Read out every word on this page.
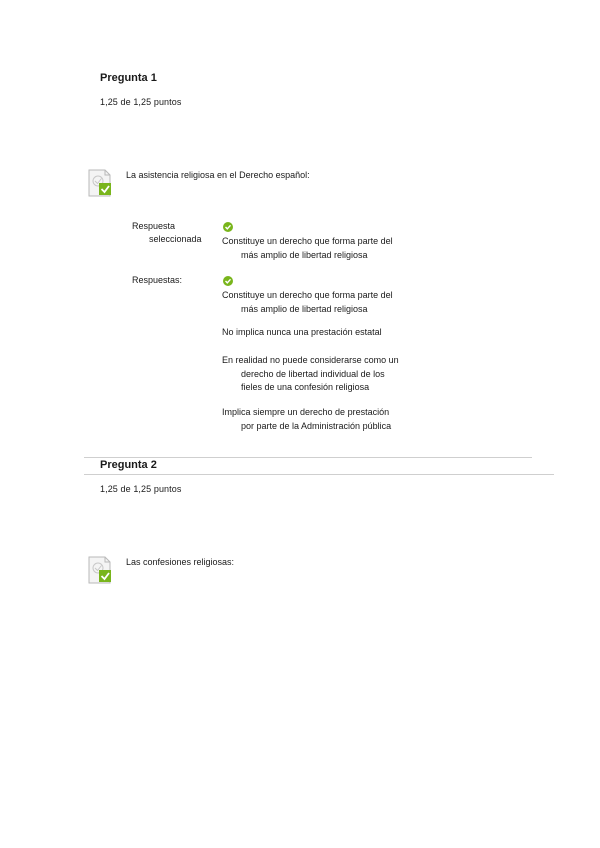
Pregunta 1
1,25 de 1,25 puntos
La asistencia religiosa en el Derecho español:
Respuesta
seleccionada Constituye un derecho que forma parte del
más amplio de libertad religiosa
Respuestas:
Constituye un derecho que forma parte del
más amplio de libertad religiosa
No implica nunca una prestación estatal
En realidad no puede considerarse como un
derecho de libertad individual de los
fieles de una confesión religiosa
Implica siempre un derecho de prestación
por parte de la Administración pública
Pregunta 2
1,25 de 1,25 puntos
Las confesiones religiosas:
